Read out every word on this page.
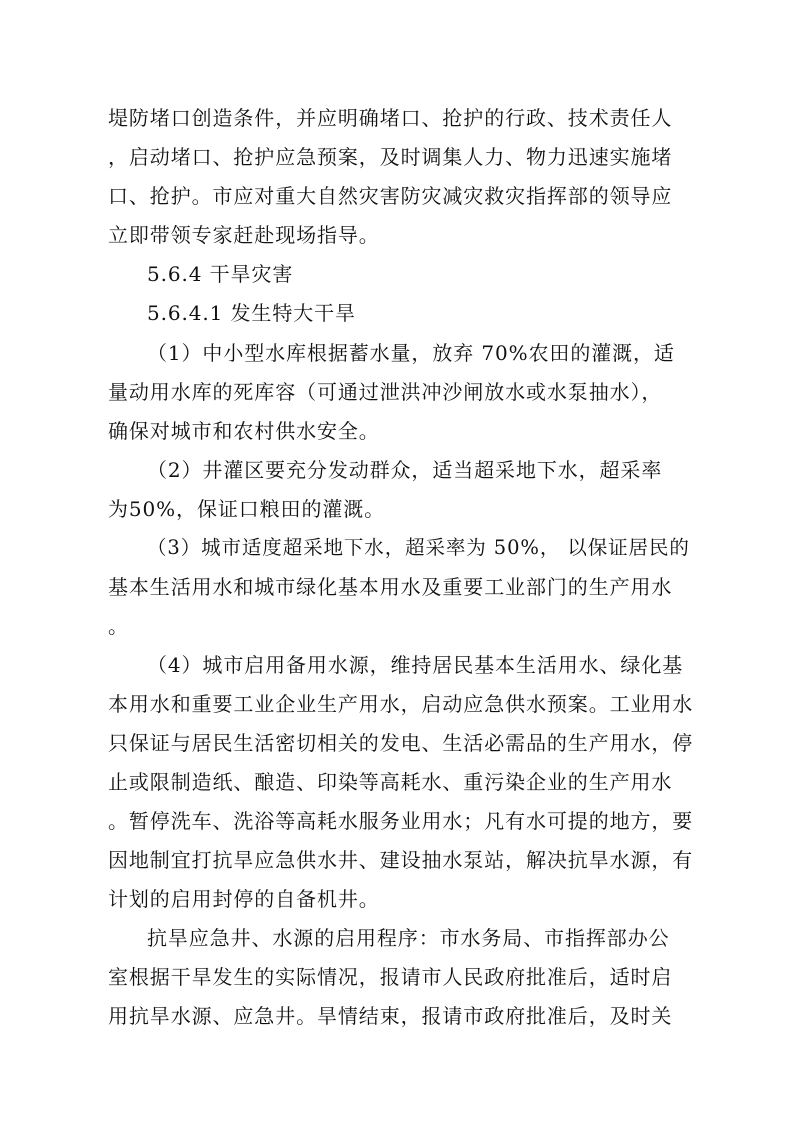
堤防堵口创造条件，并应明确堵口、抢护的行政、技术责任人
，启动堵口、抢护应急预案，及时调集人力、物力迅速实施堵
口、抢护。市应对重大自然灾害防灾减灾救灾指挥部的领导应
立即带领专家赶赴现场指导。
5.6.4 干旱灾害
5.6.4.1 发生特大干旱
（1）中小型水库根据蓄水量，放弃 70%农田的灌溉，适
量动用水库的死库容（可通过泄洪冲沙闸放水或水泵抽水），
确保对城市和农村供水安全。
（2）井灌区要充分发动群众，适当超采地下水，超采率
为50%，保证口粮田的灌溉。
（3）城市适度超采地下水，超采率为 50%， 以保证居民的
基本生活用水和城市绿化基本用水及重要工业部门的生产用水
。
（4）城市启用备用水源，维持居民基本生活用水、绿化基
本用水和重要工业企业生产用水，启动应急供水预案。工业用水
只保证与居民生活密切相关的发电、生活必需品的生产用水，停
止或限制造纸、酿造、印染等高耗水、重污染企业的生产用水
。暂停洗车、洗浴等高耗水服务业用水；凡有水可提的地方，要
因地制宜打抗旱应急供水井、建设抽水泵站，解决抗旱水源，有
计划的启用封停的自备机井。
抗旱应急井、水源的启用程序：市水务局、市指挥部办公
室根据干旱发生的实际情况，报请市人民政府批准后，适时启
用抗旱水源、应急井。旱情结束，报请市政府批准后，及时关
